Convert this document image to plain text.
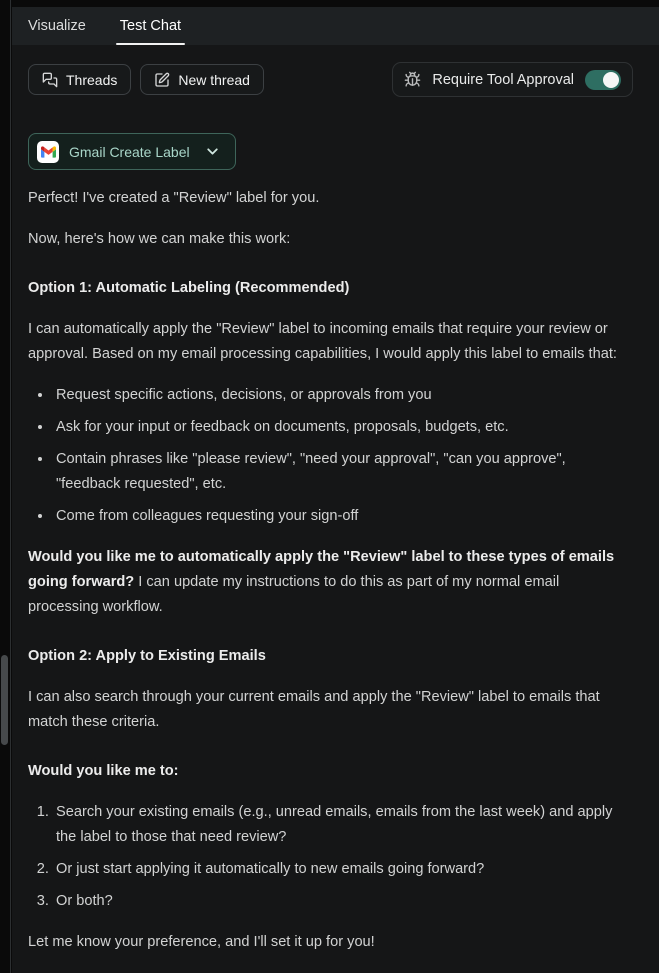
Visualize Test Chat
Threads	New thread	Require Tool Approval
Gmail Create Label

Perfect! I've created a "Review" label for you.

Now, here's how we can make this work:

Option 1: Automatic Labeling (Recommended)

I can automatically apply the "Review" label to incoming emails that require your review or approval. Based on my email processing capabilities, I would apply this label to emails that:

• Request specific actions, decisions, or approvals from you
• Ask for your input or feedback on documents, proposals, budgets, etc.
• Contain phrases like "please review", "need your approval", "can you approve", "feedback requested", etc.
• Come from colleagues requesting your sign-off

Would you like me to automatically apply the "Review" label to these types of emails going forward? I can update my instructions to do this as part of my normal email processing workflow.

Option 2: Apply to Existing Emails

I can also search through your current emails and apply the "Review" label to emails that match these criteria.

Would you like me to:
1. Search your existing emails (e.g., unread emails, emails from the last week) and apply the label to those that need review?
2. Or just start applying it automatically to new emails going forward?
3. Or both?

Let me know your preference, and I'll set it up for you!
